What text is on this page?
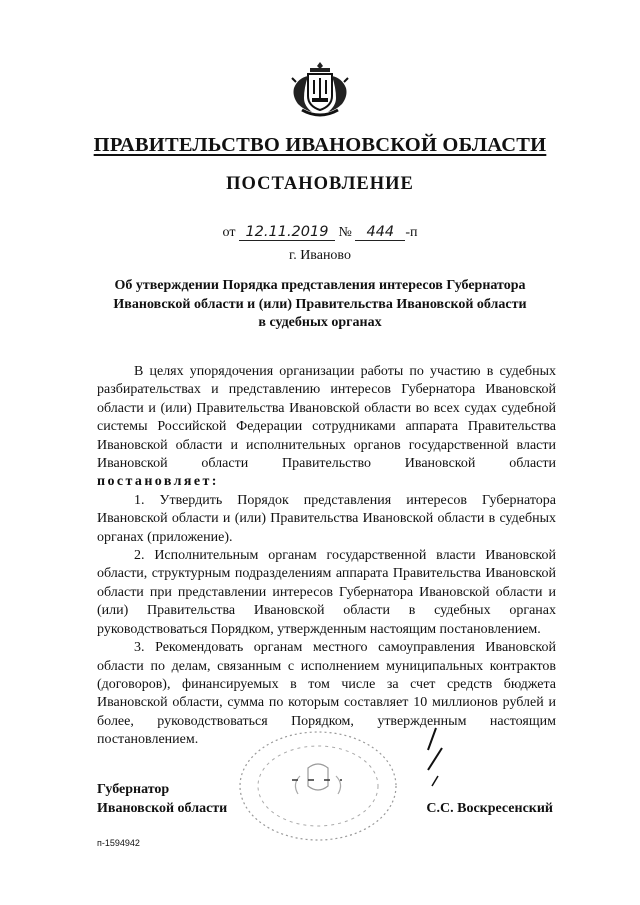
ПРАВИТЕЛЬСТВО ИВАНОВСКОЙ ОБЛАСТИ
ПОСТАНОВЛЕНИЕ
от 12.11.2019 № 444 -п
г. Иваново
Об утверждении Порядка представления интересов Губернатора
Ивановской области и (или) Правительства Ивановской области
в судебных органах

В целях упорядочения организации работы по участию в судебных разбирательствах и представлению интересов Губернатора Ивановской области и (или) Правительства Ивановской области во всех судах судебной системы Российской Федерации сотрудниками аппарата Правительства Ивановской области и исполнительных органов государственной власти Ивановской области Правительство Ивановской области постановляет:

1. Утвердить Порядок представления интересов Губернатора Ивановской области и (или) Правительства Ивановской области в судебных органах (приложение).

2. Исполнительным органам государственной власти Ивановской области, структурным подразделениям аппарата Правительства Ивановской области при представлении интересов Губернатора Ивановской области и (или) Правительства Ивановской области в судебных органах руководствоваться Порядком, утвержденным настоящим постановлением.

3. Рекомендовать органам местного самоуправления Ивановской области по делам, связанным с исполнением муниципальных контрактов (договоров), финансируемых в том числе за счет средств бюджета Ивановской области, сумма по которым составляет 10 миллионов рублей и более, руководствоваться Порядком, утвержденным настоящим постановлением.

Губернатор
Ивановской области	С.С. Воскресенский
п-1594942
